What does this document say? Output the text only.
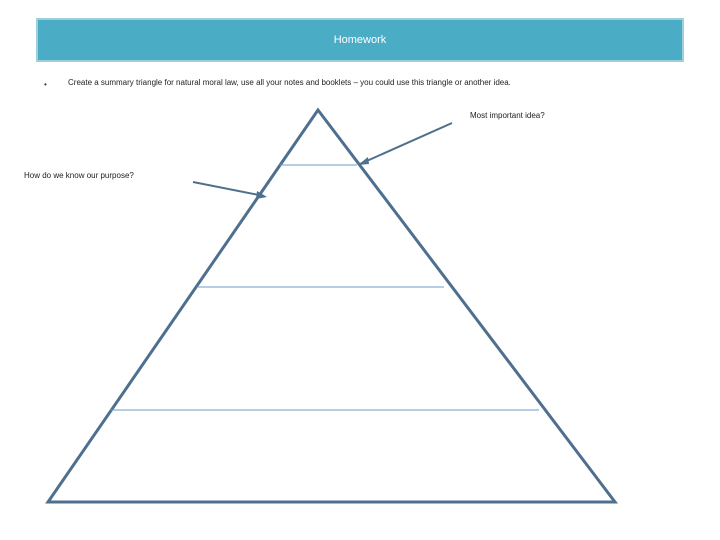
Homework
•	Create a summary triangle for natural moral law, use all your notes and booklets – you could use this triangle or another idea.
Most important idea?
How do we know our purpose?
